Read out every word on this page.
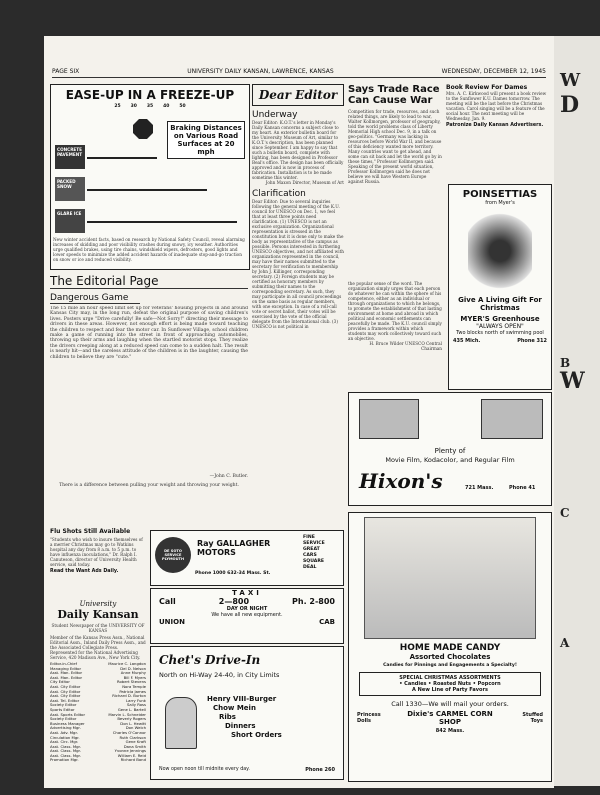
PAGE SIX	UNIVERSITY DAILY KANSAN, LAWRENCE, KANSAS	WEDNESDAY, DECEMBER 12, 1945
EASE-UP IN A FREEZE-UP
25 30 35 40 50
CONCRETE PAVEMENT
PACKED SNOW
GLARE ICE
Braking Distances on Various Road Surfaces at 20 mph
New winter accident facts, based on research by National Safety Council, reveal alarming increases of skidding and poor visibility crashes during snowy, icy weather. Authorities urge qualified brakes, using tire chains, windshield wipers, defrosters, good lights and lower speeds to minimize the added accident hazards of inadequate stop-and-go traction on snow or ice and reduced visibility.
The Editorial Page
Dangerous Game
The 15 mile an hour speed limit set up for veterans' housing projects in and around Kansas City may, in the long run, defeat the original purpose of saving children's lives. Posters urge "Drive carefully! Be safe—Not Sorry!" directing their message to drivers in these areas. However, not enough effort is being made toward teaching the children to respect and fear the motor car. In Sunflower Village, school children make a game of running into the street in front of approaching automobiles, throwing up their arms and laughing when the startled motorist stops. They realize the drivers creeping along at a reduced speed can come to a sudden halt. The result is nearly hit—and the careless attitude of the children is in the laughter, causing the children to believe they are "cute."
—John C. Butler.
There is a difference between pulling your weight and throwing your weight.
Flu Shots Still Available
"Students who wish to insure themselves of a merrier Christmas may go to Watkins hospital any day from 8 a.m. to 5 p.m. to have influenza inoculations," Dr. Ralph I. Canuteson, director of University Health service, said today.
Read the Want Ads Daily.
University
Daily Kansan
Student Newspaper of the UNIVERSITY OF KANSAS
Member of the Kansas Press Assn., National Editorial Assn., Inland Daily Press Assn., and the Associated Collegiate Press. Represented for the National Advertising Service, 420 Madison Ave., New York City.
Editor-in-Chief	Maurice C. Langdon
Managing Editor	Del D. Nelson
Asst. Man. Editor	Anne Murphy
Asst. Man. Editor	Bill F. Myers
City Editor	Robert Stevens
Asst. City Editor	Nora Temple
Asst. City Editor	Patricia James
Asst. City Editor	Richard D. Burton
Asst. Tel. Editor	Larry Funk
Society Editor	Sally Ross
Sports Editor	Gene L. Bartell
Asst. Sports Editor	Marvin L. Schneider
Society Editor	Beverly Rogers
Business Manager	Don L. Hewitt
Advertising Mgr.	Don Welch
Asst. Adv. Mgr.	Charles O'Connor
Circulation Mgr.	Ruth Clarkson
Asst. Circ. Mgr.	Gene Kraft
Asst. Class. Mgr.	Dana Smith
Asst. Class. Mgr.	Yvonne Jennings
Asst. Class. Mgr.	William E. Reid
Promotion Mgr.	Richard Bond
Dear Editor
Underway
Dear Editor: K.O.T.'s letter in Monday's Daily Kansan concerns a subject close to my heart. An exterior bulletin board for the University Museum of Art, similar to K.O.T.'s description, has been planned since September. I am happy to say that such a bulletin board, complete with lighting, has been designed in Professor Beal's office. The design has been officially approved and is now in process of fabrication. Installation is to be made sometime this winter.
John Maxon Director, Museum of Art
Clarification
Dear Editor: Due to several inquiries following the general meeting of the K.U. council for UNESCO on Dec. 1, we feel that at least three points need clarification. (1) UNESCO is not an exclusive organization. Organizational representation is stressed in the constitution but it is done only to make the body as representative of the campus as possible. Persons interested in furthering UNESCO objectives, and not affiliated with organizations represented in the council, may have their names submitted to the secretary for verification to membership by John J. Killinger, corresponding secretary. (2) Foreign students may be certified as honorary members by submitting their names to the corresponding secretary. As such, they may participate in all council proceedings on the same basis as regular members, with one exception. In case of a roll-call vote or secret ballot, their votes will be exercised by the vote of the official delegate from the International club. (3) UNESCO is not political in
Says Trade Race Can Cause War
Competition for trade, resources, and such related things, are likely to lead to war, Walter Kollmorgen, professor of geography, told the world problems class of Liberty Memorial High school Dec. 9, in a talk on geo-politics. "Germany was lacking in resources before World War II, and because of this deficiency wanted more territory. Many countries want to get ahead, and some can sit back and let the world go by in these times," Professor Kollmorgen said. Speaking of the present world situation, Professor Kollmorgen said he does not believe we will have Western Europe against Russia.
the popular sense of the word. The organization simply urges that each person do whatever he can within the sphere of his competence, either as an individual or through organizations to which he belongs, to promote the establishment of that lasting environment at home and abroad in which political and economic settlements can peacefully be made. The K.U. council simply provides a framework within which students may work collectively toward such an objective.
H. Bruce Wilder UNESCO Central Chairman
Book Review For Dames
Mrs. A. C. Kirkwood will present a book review to the Sunflower K.U. Dames tomorrow. The meeting will be the last before the Christmas vacation. Carol singing will be a feature of the social hour. The next meeting will be Wednesday, Jan. 9.
Patronize Daily Kansan Advertisers.
POINSETTIAS
from Myer's
Give A Living Gift For Christmas
MYER'S Greenhouse
"ALWAYS OPEN"
Two blocks north of swimming pool
435 Mich.	Phone 312
Plenty of
Movie Film, Kodacolor, and Regular Film
Hixon's	721 Mass.	Phone 41
DE SOTO SERVICE PLYMOUTH
Ray GALLAGHER MOTORS
Phone 1000 632-34 Mass. St.
FINE
SERVICE
GREAT
CARS
SQUARE
DEAL
TAXI
Call	2—800	Ph. 2-800
DAY OR NIGHT
We have all new equipment.
UNION	CAB
Chet's Drive-In
North on Hi-Way 24-40, in City Limits
Henry VIII-Burger
Chow Mein
Ribs
Dinners
Short Orders
Now open noon till midnite every day.	Phone 260
HOME MADE CANDY
Assorted Chocolates
Candies for Pinnings and Engagements a Specialty!
SPECIAL CHRISTMAS ASSORTMENTS
• Candies • Roasted Nuts • Popcorn
A New Line of Party Favors
Call 1330—We will mail your orders.
Princess Dolls
Dixie's CARMEL CORN SHOP
Stuffed Toys
842 Mass.
W
D
B
W
C
A
